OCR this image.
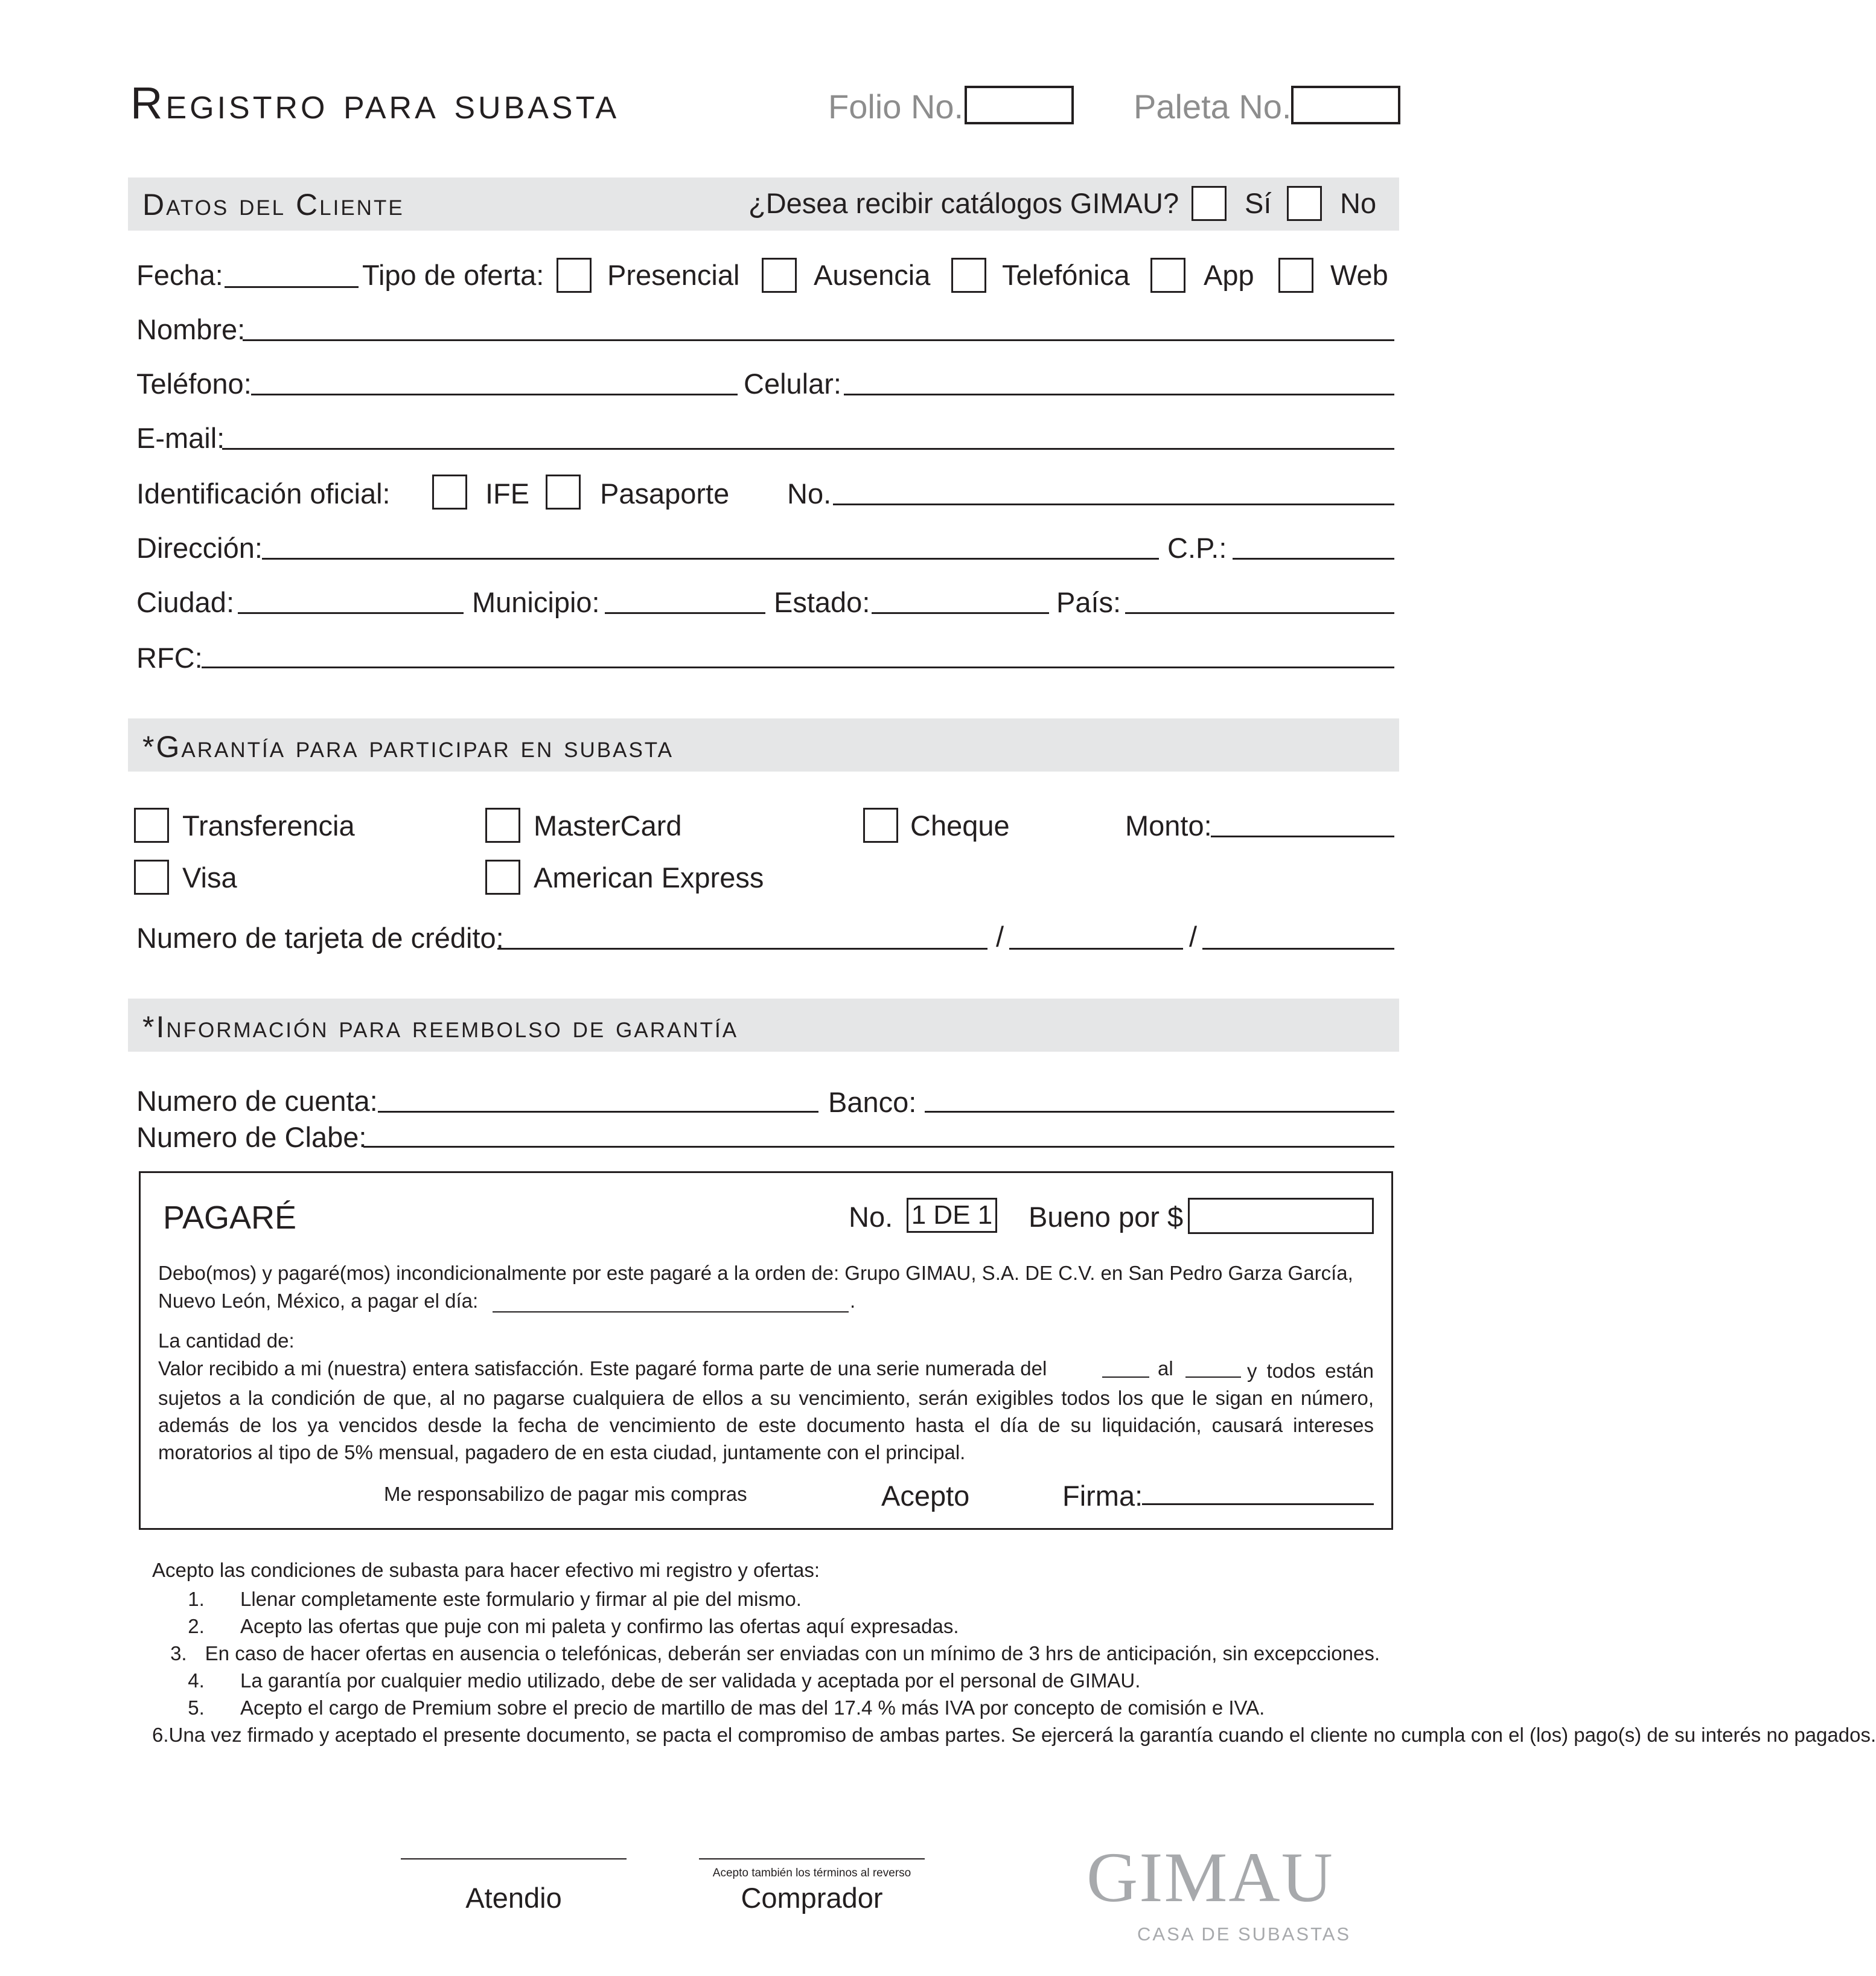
Registro para subasta	Folio No.	Paleta No.
Datos del Cliente	¿Desea recibir catálogos GIMAU? Sí No
Fecha:	Tipo de oferta: Presencial	Ausencia	Telefónica	App	Web
Nombre:
Teléfono:	Celular:
E-mail:
Identificación oficial:	IFE Pasaporte No.
Dirección:	C.P.:
Ciudad:	Municipio:	Estado:	País:
RFC:
*Garantía para participar en subasta
Transferencia	MasterCard	Cheque	Monto:
Visa	American Express
Numero de tarjeta de crédito:	/	/
*Información para reembolso de garantía
Numero de cuenta:	Banco:
Numero de Clabe:
PAGARÉ	No. 1 DE 1 Bueno por $
Debo(mos) y pagaré(mos) incondicionalmente por este pagaré a la orden de: Grupo GIMAU, S.A. DE C.V. en San Pedro Garza García,
Nuevo León, México, a pagar el día:	.
La cantidad de:
Valor recibido a mi (nuestra) entera satisfacción. Este pagaré forma parte de una serie numerada del	al	y todos están sujetos a la condición de que, al no pagarse cualquiera de ellos a su vencimiento, serán exigibles todos los que le sigan en número, además de los ya vencidos desde la fecha de vencimiento de este documento hasta el día de su liquidación, causará intereses moratorios al tipo de 5% mensual, pagadero de en esta ciudad, juntamente con el principal.
Me responsabilizo de pagar mis compras	Acepto	Firma:
Acepto las condiciones de subasta para hacer efectivo mi registro y ofertas:
1.	Llenar completamente este formulario y firmar al pie del mismo.
2.	Acepto las ofertas que puje con mi paleta y confirmo las ofertas aquí expresadas.
3. En caso de hacer ofertas en ausencia o telefónicas, deberán ser enviadas con un mínimo de 3 hrs de anticipación, sin excepcciones.
4.	La garantía por cualquier medio utilizado, debe de ser validada y aceptada por el personal de GIMAU.
5.	Acepto el cargo de Premium sobre el precio de martillo de mas del 17.4 % más IVA por concepto de comisión e IVA.
6. Una vez firmado y aceptado el presente documento, se pacta el compromiso de ambas partes. Se ejercerá la garantía cuando el cliente no cumpla con el (los) pago(s) de su interés no pagados.
Atendio
Acepto también los términos al reverso
Comprador	GIMAU
CASA DE SUBASTAS
